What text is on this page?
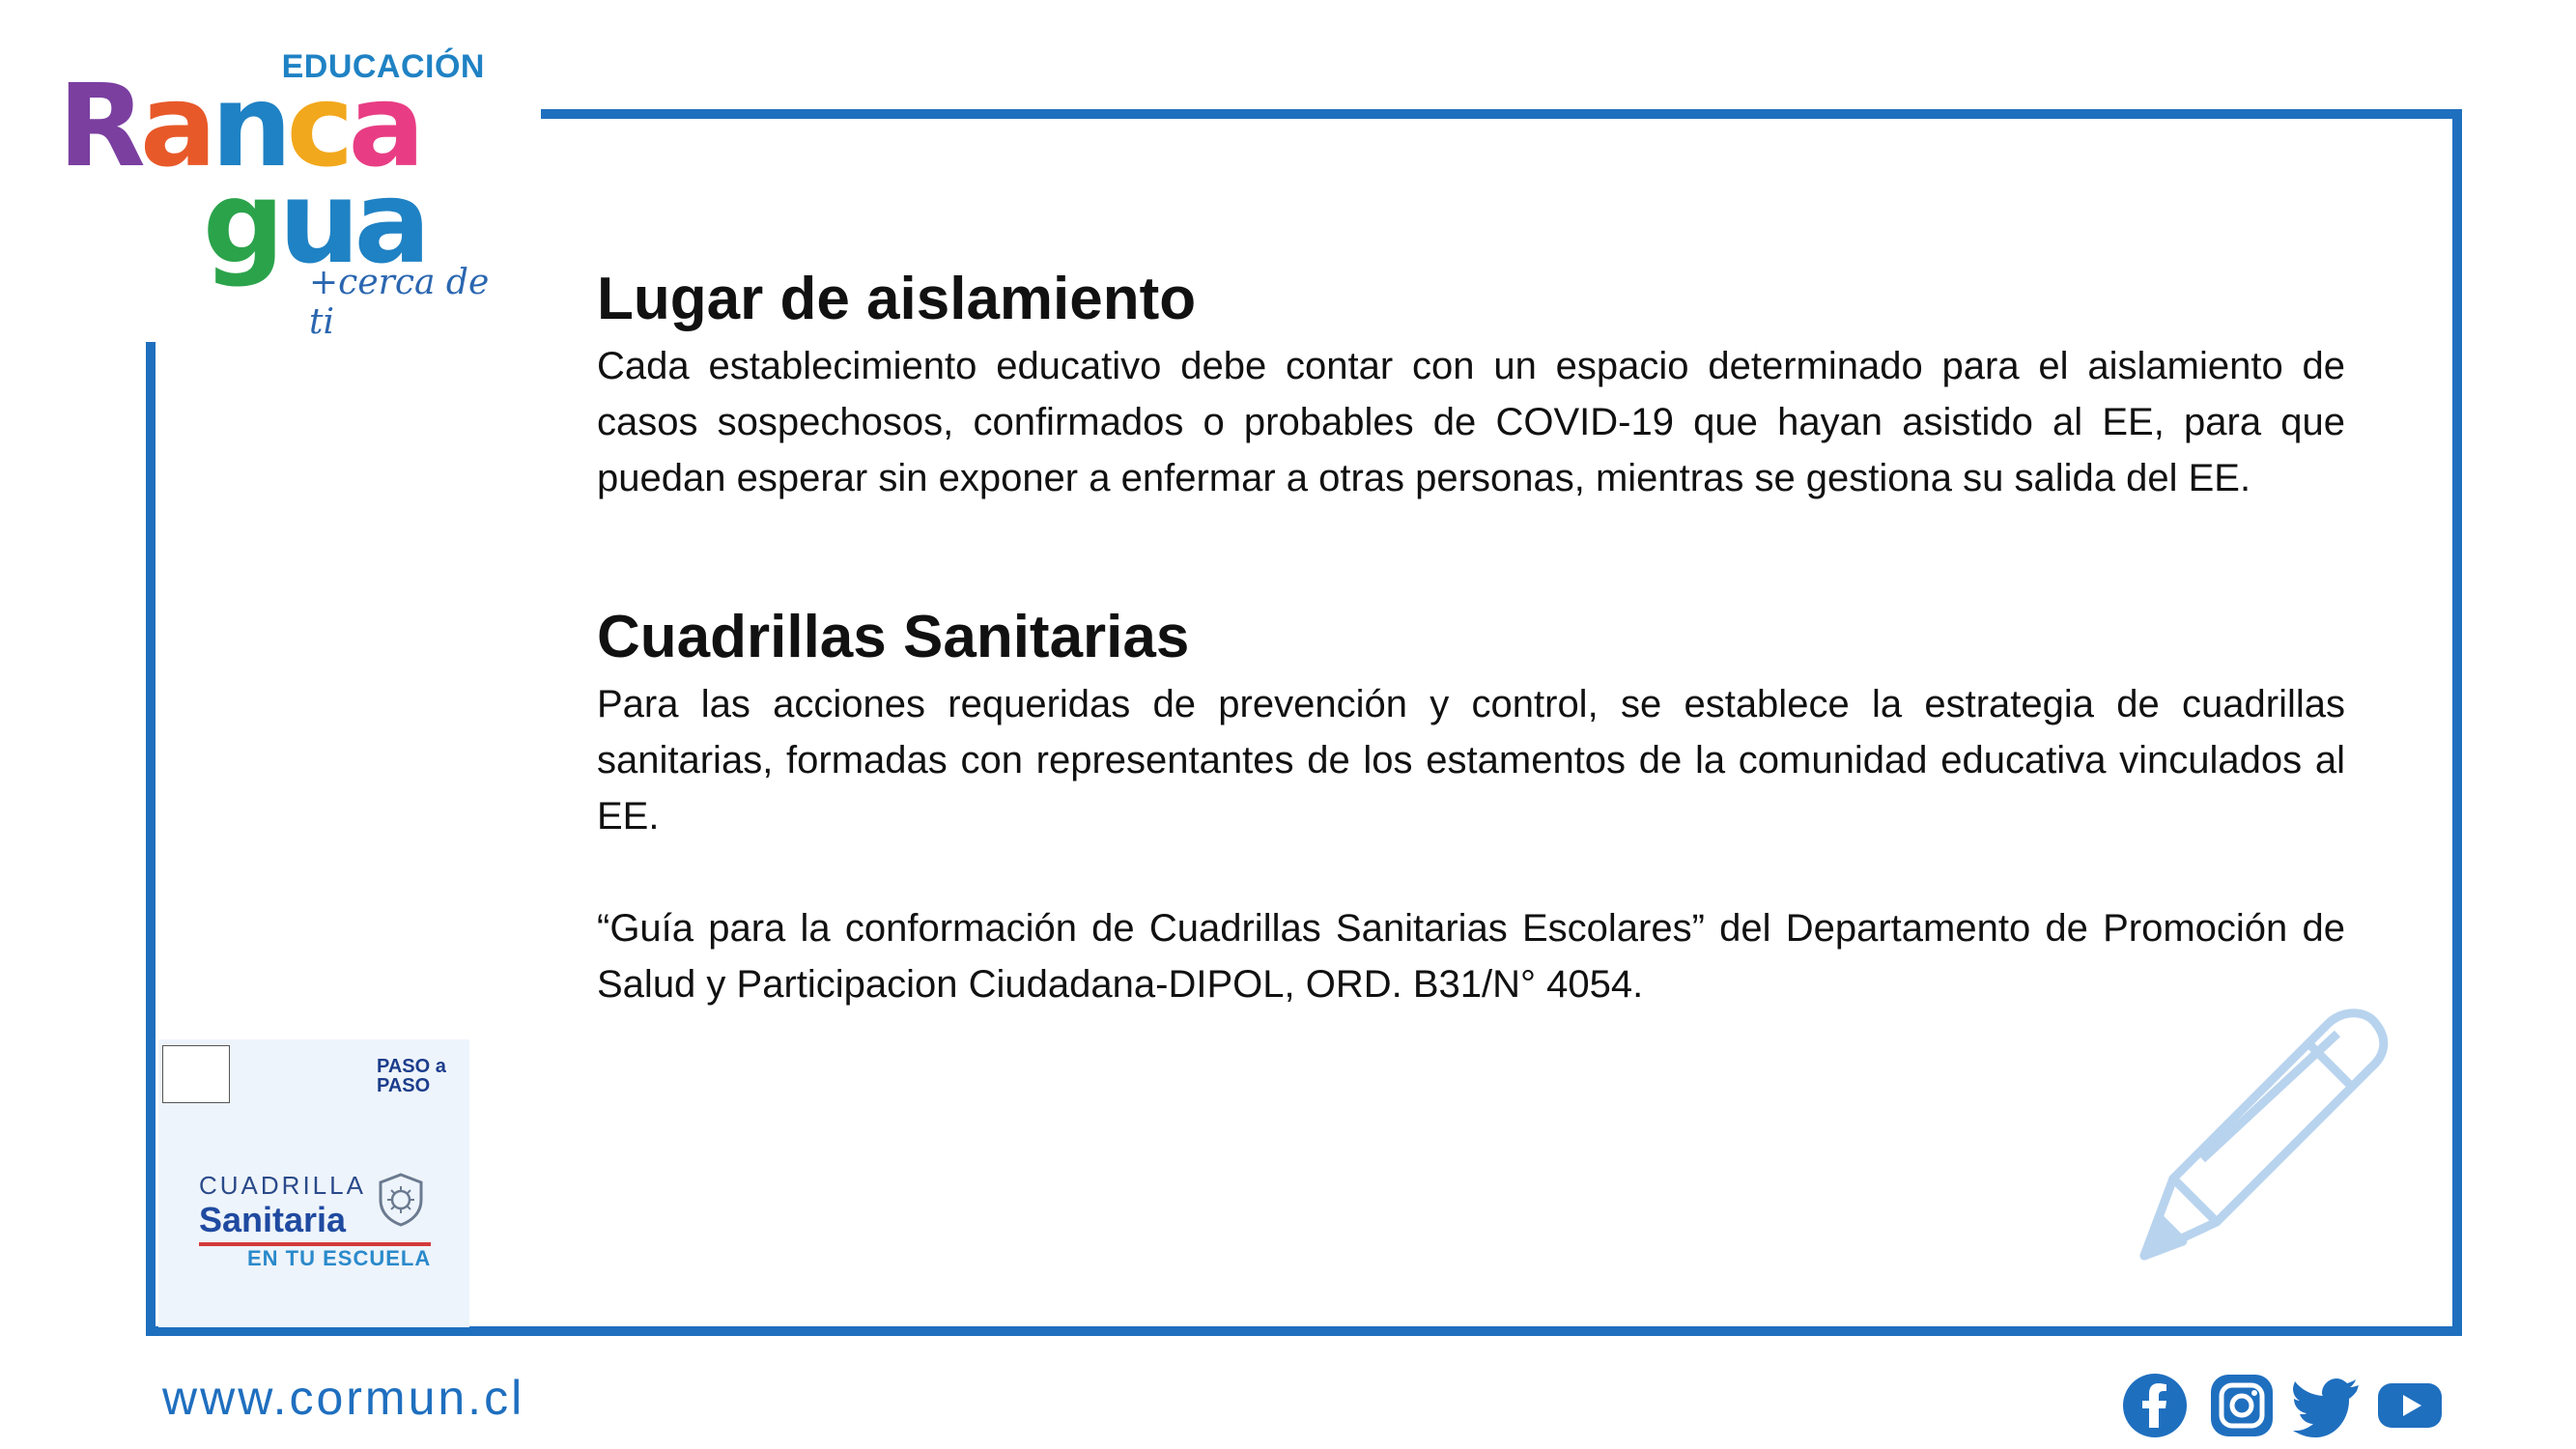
EDUCACIÓN
Ranca
gua
+cerca de ti	Lugar de aislamiento

Cada establecimiento educativo debe contar con un espacio determinado para el aislamiento de casos sospechosos, confirmados o probables de COVID-19 que hayan asistido al EE, para que puedan esperar sin exponer a enfermar a otras personas, mientras se gestiona su salida del EE.

Cuadrillas Sanitarias

Para las acciones requeridas de prevención y control, se establece la estrategia de cuadrillas sanitarias, formadas con representantes de los estamentos de la comunidad educativa vinculados al EE.

“Guía para la conformación de Cuadrillas Sanitarias Escolares” del Departamento de Promoción de Salud y Participacion Ciudadana-DIPOL, ORD. B31/N° 4054.

PASO a PASO
CUADRILLA
Sanitaria
EN TU ESCUELA
www.cormun.cl
